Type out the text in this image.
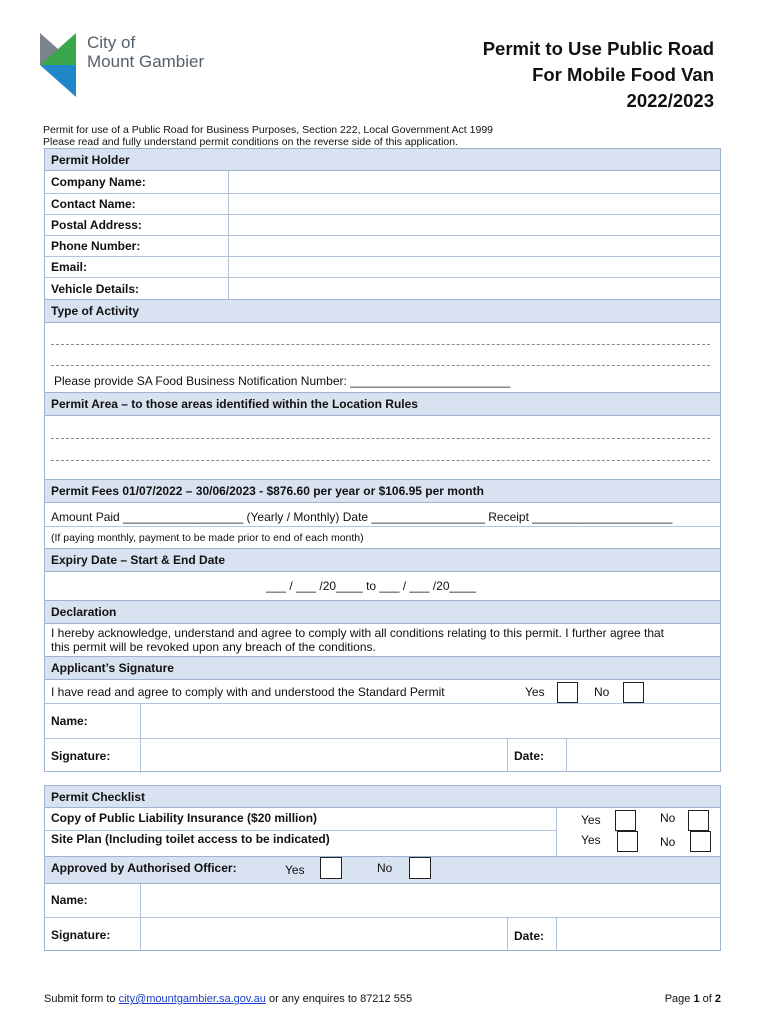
City of
Mount Gambier
Permit to Use Public Road
For Mobile Food Van
2022/2023
Permit for use of a Public Road for Business Purposes, Section 222, Local Government Act 1999
Please read and fully understand permit conditions on the reverse side of this application.
Permit Holder
Company Name:
Contact Name:
Postal Address:
Phone Number:
Email:
Vehicle Details:
Type of Activity
Please provide SA Food Business Notification Number: ________________________
Permit Area – to those areas identified within the Location Rules
Permit Fees 01/07/2022 – 30/06/2023 - $876.60 per year or $106.95 per month
Amount Paid __________________ (Yearly / Monthly) Date _________________ Receipt _____________________
(If paying monthly, payment to be made prior to end of each month)
Expiry Date – Start & End Date
___ / ___ /20____ to ___ / ___ /20____
Declaration
I hereby acknowledge, understand and agree to comply with all conditions relating to this permit. I further agree that
this permit will be revoked upon any breach of the conditions.
Applicant’s Signature
I have read and agree to comply with and understood the Standard Permit	Yes	No
Name:
Signature:	Date:
Permit Checklist
Copy of Public Liability Insurance ($20 million)	Yes	No
Site Plan (Including toilet access to be indicated)	Yes	No
Approved by Authorised Officer:	Yes	No
Name:
Signature:	Date:
Submit form to city@mountgambier.sa.gov.au or any enquires to 87212 555	Page 1 of 2
